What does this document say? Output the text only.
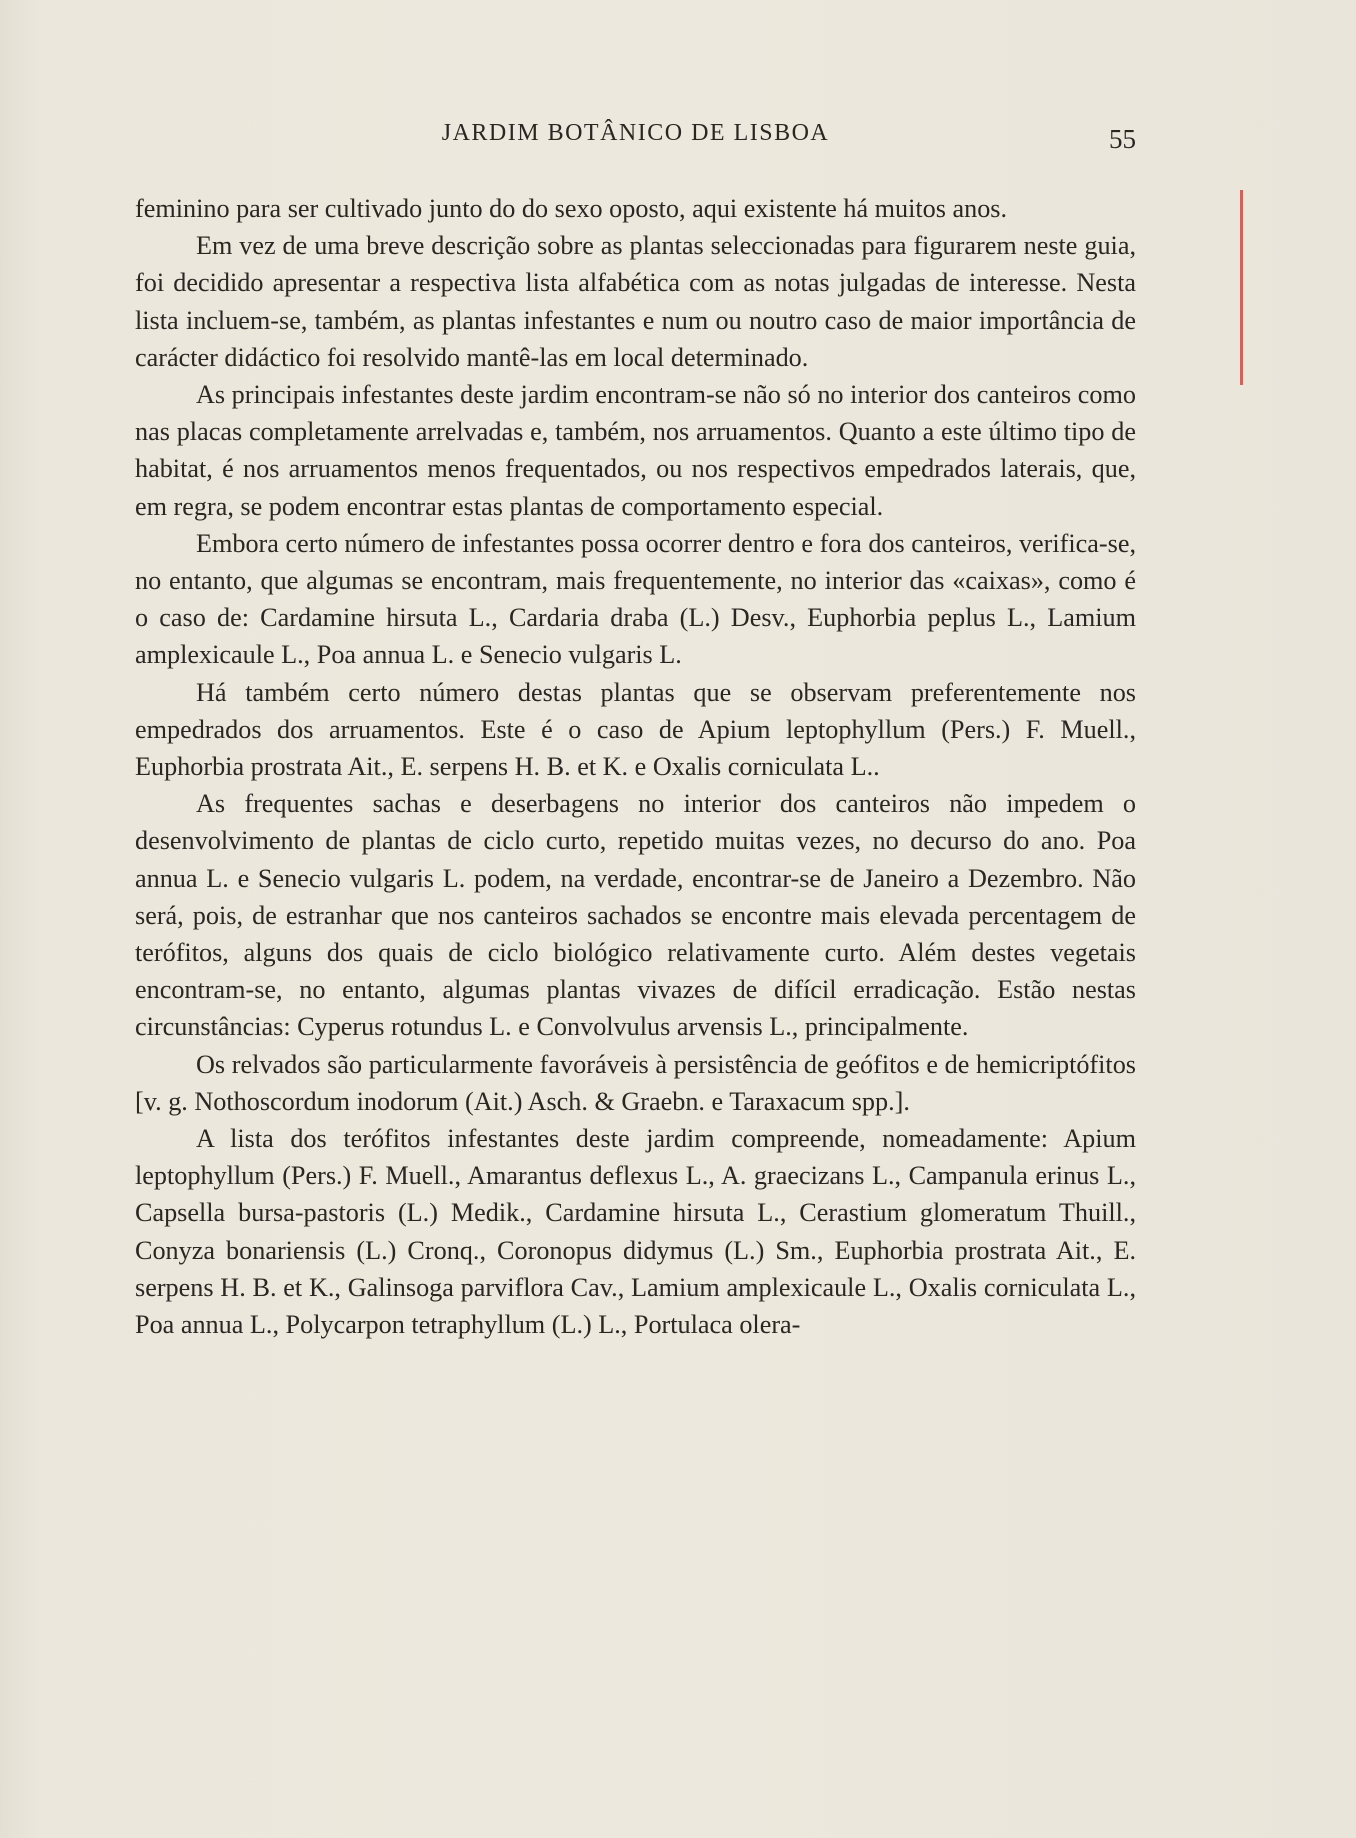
JARDIM BOTÂNICO DE LISBOA	55

feminino para ser cultivado junto do do sexo oposto, aqui existente há muitos anos.

Em vez de uma breve descrição sobre as plantas seleccionadas para figurarem neste guia, foi decidido apresentar a respectiva lista alfabética com as notas julgadas de interesse. Nesta lista incluem-se, também, as plantas infestantes e num ou noutro caso de maior importância de carácter didáctico foi resolvido mantê-las em local determinado.

As principais infestantes deste jardim encontram-se não só no interior dos canteiros como nas placas completamente arrelvadas e, também, nos arruamentos. Quanto a este último tipo de habitat, é nos arruamentos menos frequentados, ou nos respectivos empedrados laterais, que, em regra, se podem encontrar estas plantas de comportamento especial.

Embora certo número de infestantes possa ocorrer dentro e fora dos canteiros, verifica-se, no entanto, que algumas se encontram, mais frequentemente, no interior das «caixas», como é o caso de: Cardamine hirsuta L., Cardaria draba (L.) Desv., Euphorbia peplus L., Lamium amplexicaule L., Poa annua L. e Senecio vulgaris L.

Há também certo número destas plantas que se observam preferentemente nos empedrados dos arruamentos. Este é o caso de Apium leptophyllum (Pers.) F. Muell., Euphorbia prostrata Ait., E. serpens H. B. et K. e Oxalis corniculata L..

As frequentes sachas e deserbagens no interior dos canteiros não impedem o desenvolvimento de plantas de ciclo curto, repetido muitas vezes, no decurso do ano. Poa annua L. e Senecio vulgaris L. podem, na verdade, encontrar-se de Janeiro a Dezembro. Não será, pois, de estranhar que nos canteiros sachados se encontre mais elevada percentagem de terófitos, alguns dos quais de ciclo biológico relativamente curto. Além destes vegetais encontram-se, no entanto, algumas plantas vivazes de difícil erradicação. Estão nestas circunstâncias: Cyperus rotundus L. e Convolvulus arvensis L., principalmente.

Os relvados são particularmente favoráveis à persistência de geófitos e de hemicriptófitos [v. g. Nothoscordum inodorum (Ait.) Asch. & Graebn. e Taraxacum spp.].

A lista dos terófitos infestantes deste jardim compreende, nomeadamente: Apium leptophyllum (Pers.) F. Muell., Amarantus deflexus L., A. graecizans L., Campanula erinus L., Capsella bursa-pastoris (L.) Medik., Cardamine hirsuta L., Cerastium glomeratum Thuill., Conyza bonariensis (L.) Cronq., Coronopus didymus (L.) Sm., Euphorbia prostrata Ait., E. serpens H. B. et K., Galinsoga parviflora Cav., Lamium amplexicaule L., Oxalis corniculata L., Poa annua L., Polycarpon tetraphyllum (L.) L., Portulaca olera-
